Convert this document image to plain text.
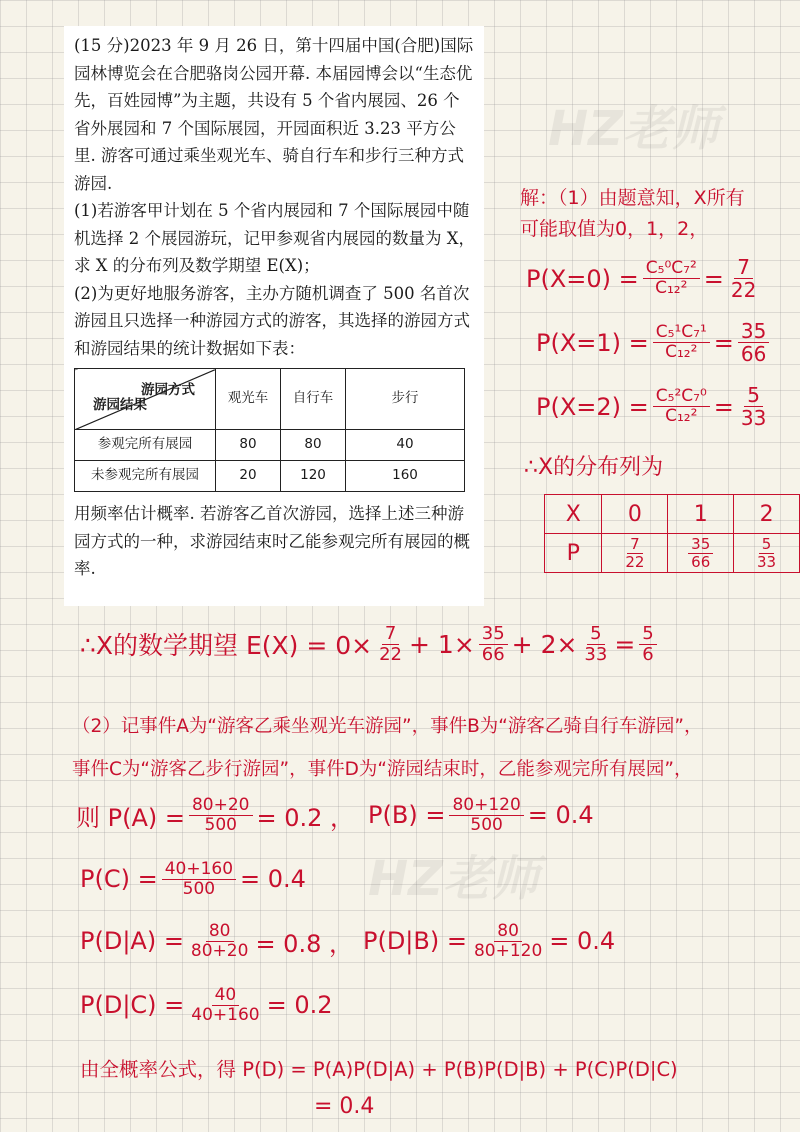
HZ老师
HZ老师

(15 分)2023 年 9 月 26 日，第十四届中国(合肥)国际园林博览会在合肥骆岗公园开幕. 本届园博会以“生态优先，百姓园博”为主题，共设有 5 个省内展园、26 个省外展园和 7 个国际展园，开园面积近 3.23 平方公里. 游客可通过乘坐观光车、骑自行车和步行三种方式游园.

(1)若游客甲计划在 5 个省内展园和 7 个国际展园中随机选择 2 个展园游玩，记甲参观省内展园的数量为 X，求 X 的分布列及数学期望 E(X)；

(2)为更好地服务游客，主办方随机调查了 500 名首次游园且只选择一种游园方式的游客，其选择的游园方式和游园结果的统计数据如下表：

游园方式
游园结果	观光车	自行车	步行
参观完所有展园	80	80	40
未参观完所有展园	20	120	160

用频率估计概率. 若游客乙首次游园，选择上述三种游园方式的一种，求游园结束时乙能参观完所有展园的概率.

解：（1）由题意知，X所有
可能取值为0，1，2，
$P(X=0) = \frac{\text{C₅⁰C₇²}}{\text{C₁₂²}} = \frac{7}{22}$
$P(X=1) = \frac{\text{C₅¹C₇¹}}{\text{C₁₂²}} = \frac{35}{66}$
$P(X=2) = \frac{\text{C₅²C₇⁰}}{\text{C₁₂²}} = \frac{5}{33}$
∴X的分布列为
X	0	1	2
P	$\frac{7}{22}$	$\frac{35}{66}$	$\frac{5}{33}$
∴X的数学期望 $E(X) = 0\times \frac{7}{22} + 1\times \frac{35}{66} + 2\times \frac{5}{33} = \frac{5}{6}$
（2）记事件A为“游客乙乘坐观光车游园”，事件B为“游客乙骑自行车游园”，
事件C为“游客乙步行游园”，事件D为“游园结束时，乙能参观完所有展园”，
则 $P(A) = \frac{80+20}{500} = 0.2$ ， $P(B) = \frac{80+120}{500} = 0.4$
$P(C) = \frac{40+160}{500} = 0.4$
$P(D|A) = \frac{80}{80+20} = 0.8$ ， $P(D|B) = \frac{80}{80+120} = 0.4$
$P(D|C) = \frac{40}{40+160} = 0.2$
由全概率公式，得 P(D) = P(A)P(D|A) + P(B)P(D|B) + P(C)P(D|C)
= 0.4
